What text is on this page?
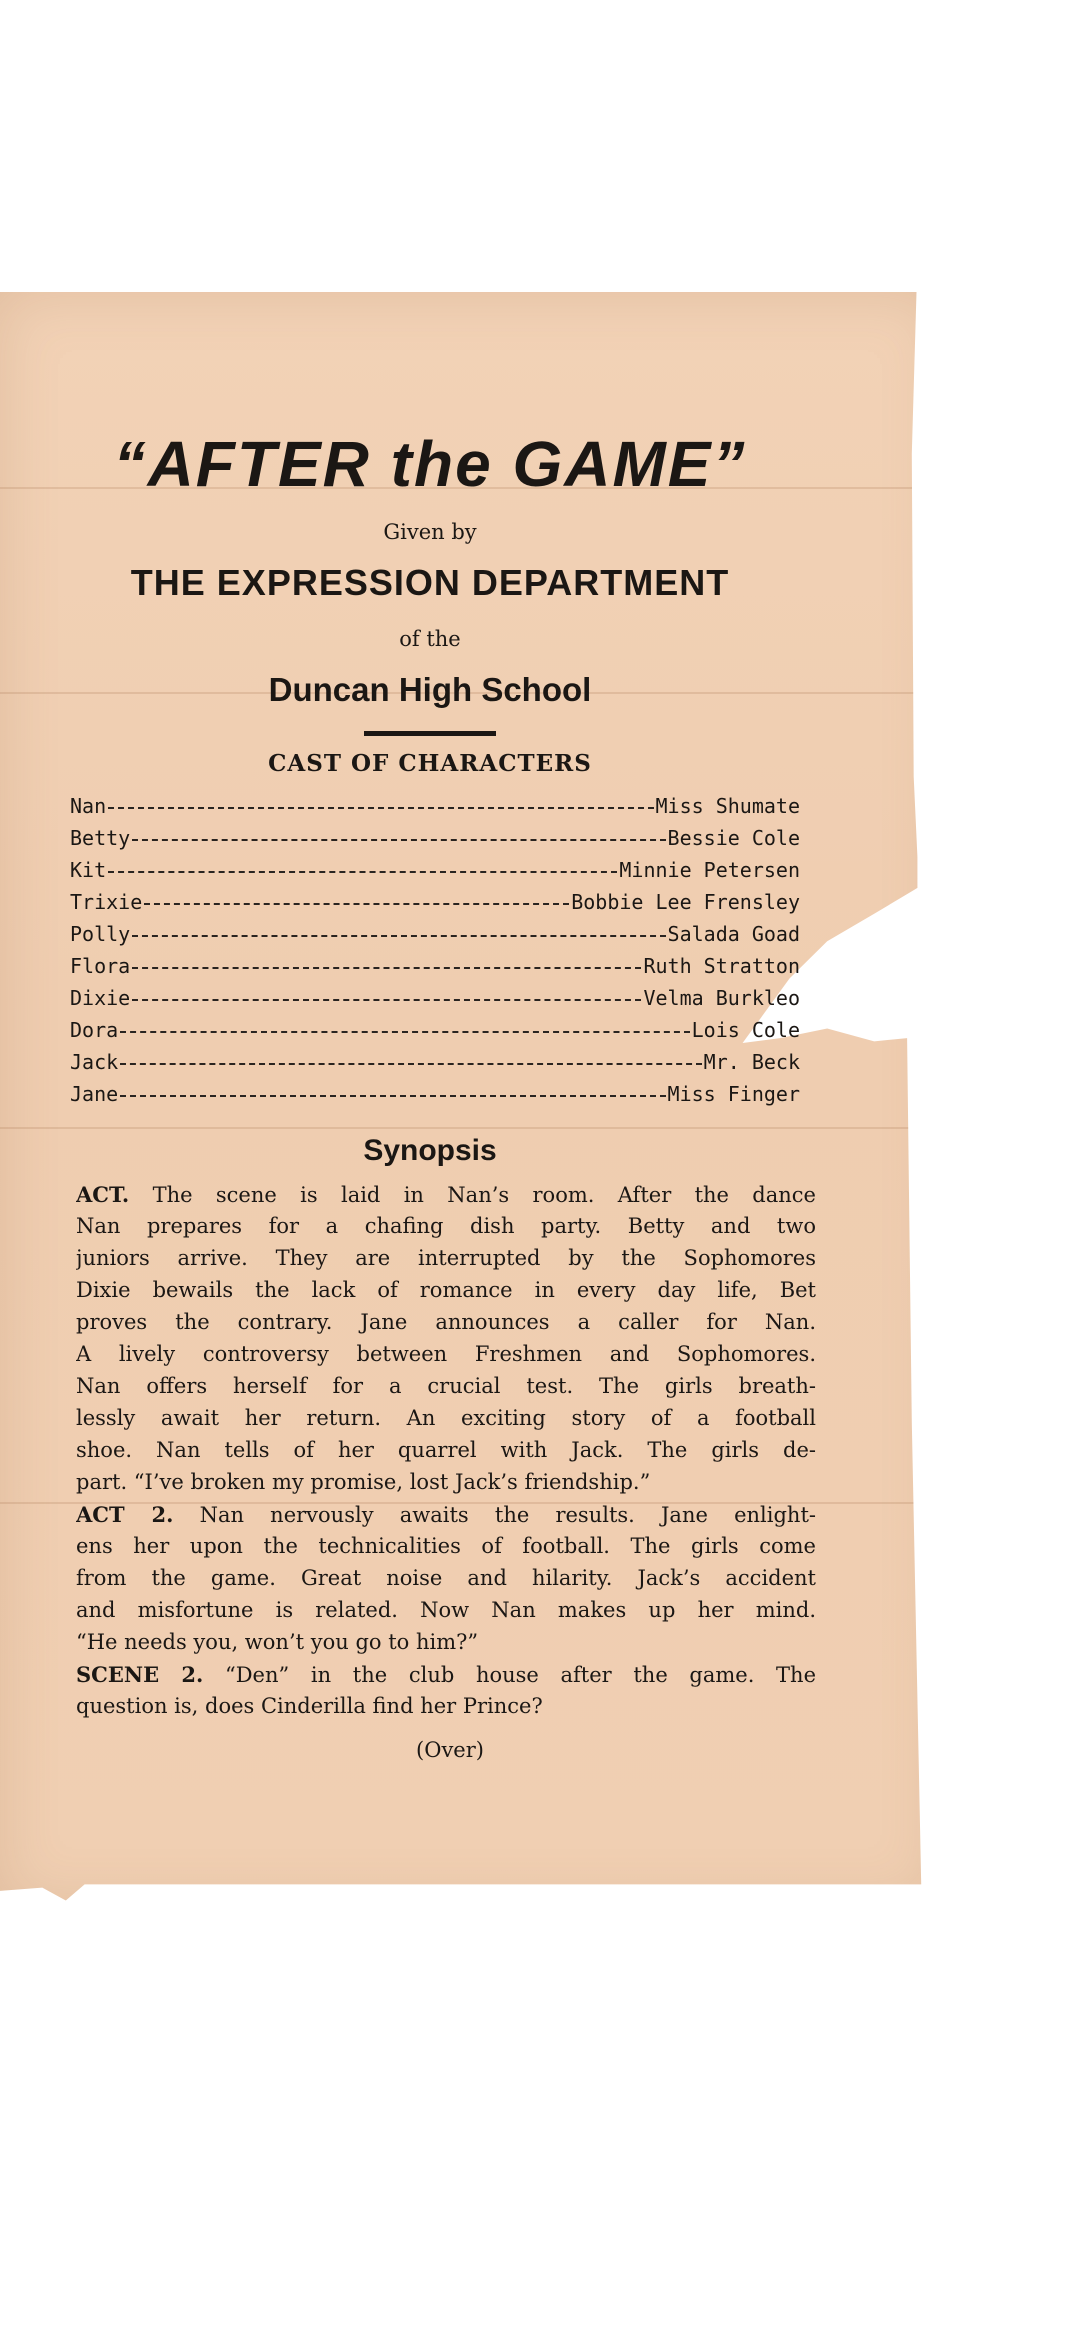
“AFTER the GAME”
Given by
THE EXPRESSION DEPARTMENT
of the
Duncan High School
CAST OF CHARACTERS
Nan	Miss Shumate
Betty	Bessie Cole
Kit	Minnie Petersen
Trixie	Bobbie Lee Frensley
Polly	Salada Goad
Flora	Ruth Stratton
Dixie	Velma Burkleo
Dora	Lois Cole
Jack	Mr. Beck
Jane	Miss Finger
Synopsis
ACT. The scene is laid in Nan’s room. After the dance
Nan prepares for a chafing dish party. Betty and two
juniors arrive. They are interrupted by the Sophomores
Dixie bewails the lack of romance in every day life, Bet
proves the contrary. Jane announces a caller for Nan.
A lively controversy between Freshmen and Sophomores.
Nan offers herself for a crucial test. The girls breath-
lessly await her return. An exciting story of a football
shoe. Nan tells of her quarrel with Jack. The girls de-
part. “I’ve broken my promise, lost Jack’s friendship.”
ACT 2. Nan nervously awaits the results. Jane enlight-
ens her upon the technicalities of football. The girls come
from the game. Great noise and hilarity. Jack’s accident
and misfortune is related. Now Nan makes up her mind.
“He needs you, won’t you go to him?”
SCENE 2. “Den” in the club house after the game. The
question is, does Cinderilla find her Prince?
(Over)
